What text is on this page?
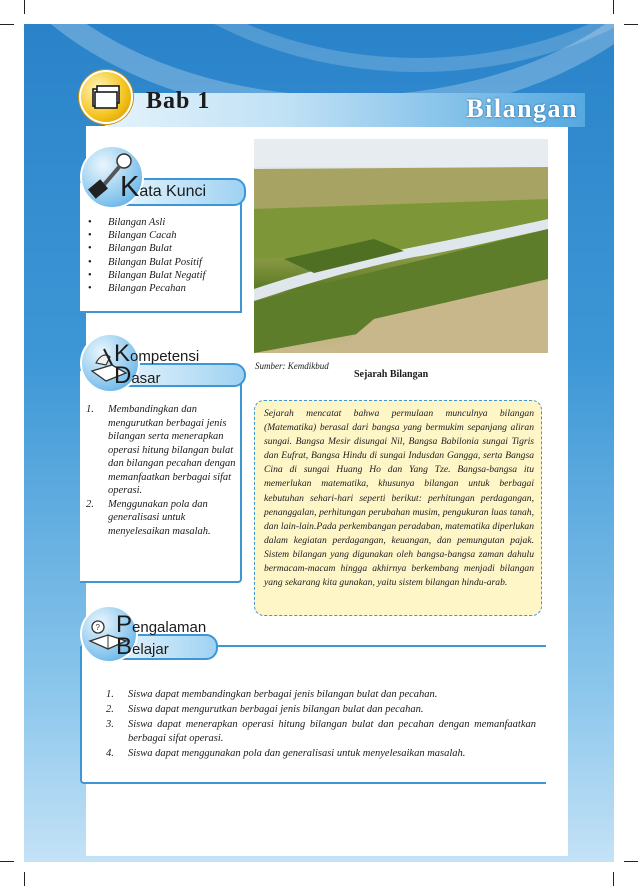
Bab 1	Bilangan
Kata Kunci
• Bilangan Asli
• Bilangan Cacah
• Bilangan Bulat
• Bilangan Bulat Positif
• Bilangan Bulat Negatif
• Bilangan Pecahan
Kompetensi
Dasar
1. Membandingkan dan mengurutkan berbagai jenis bilangan serta menerapkan operasi hitung bilangan bulat dan bilangan pecahan dengan memanfaatkan berbagai sifat operasi.
2. Menggunakan pola dan generalisasi untuk menyelesaikan masalah.
Sumber: Kemdikbud
Sejarah Bilangan

Sejarah mencatat bahwa permulaan munculnya bilangan (Matematika) berasal dari bangsa yang bermukim sepanjang aliran sungai. Bangsa Mesir disungai Nil, Bangsa Babilonia sungai Tigris dan Eufrat, Bangsa Hindu di sungai Indusdan Gangga, serta Bangsa Cina di sungai Huang Ho dan Yang Tze. Bangsa-bangsa itu memerlukan matematika, khusunya bilangan untuk berbagai kebutuhan sehari-hari seperti berikut: perhitungan perdagangan, penanggalan, perhitungan perubahan musim, pengukuran luas tanah, dan lain-lain.Pada perkembangan peradaban, matematika diperlukan dalam kegiatan perdagangan, keuangan, dan pemungutan pajak. Sistem bilangan yang digunakan oleh bangsa-bangsa zaman dahulu bermacam-macam hingga akhirnya berkembang menjadi bilangan yang sekarang kita gunakan, yaitu sistem bilangan hindu-arab.

? Pengalaman
Belajar
1. Siswa dapat membandingkan berbagai jenis bilangan bulat dan pecahan.
2. Siswa dapat mengurutkan berbagai jenis bilangan bulat dan pecahan.
3. Siswa dapat menerapkan operasi hitung bilangan bulat dan pecahan dengan memanfaatkan berbagai sifat operasi.
4. Siswa dapat menggunakan pola dan generalisasi untuk menyelesaikan masalah.
